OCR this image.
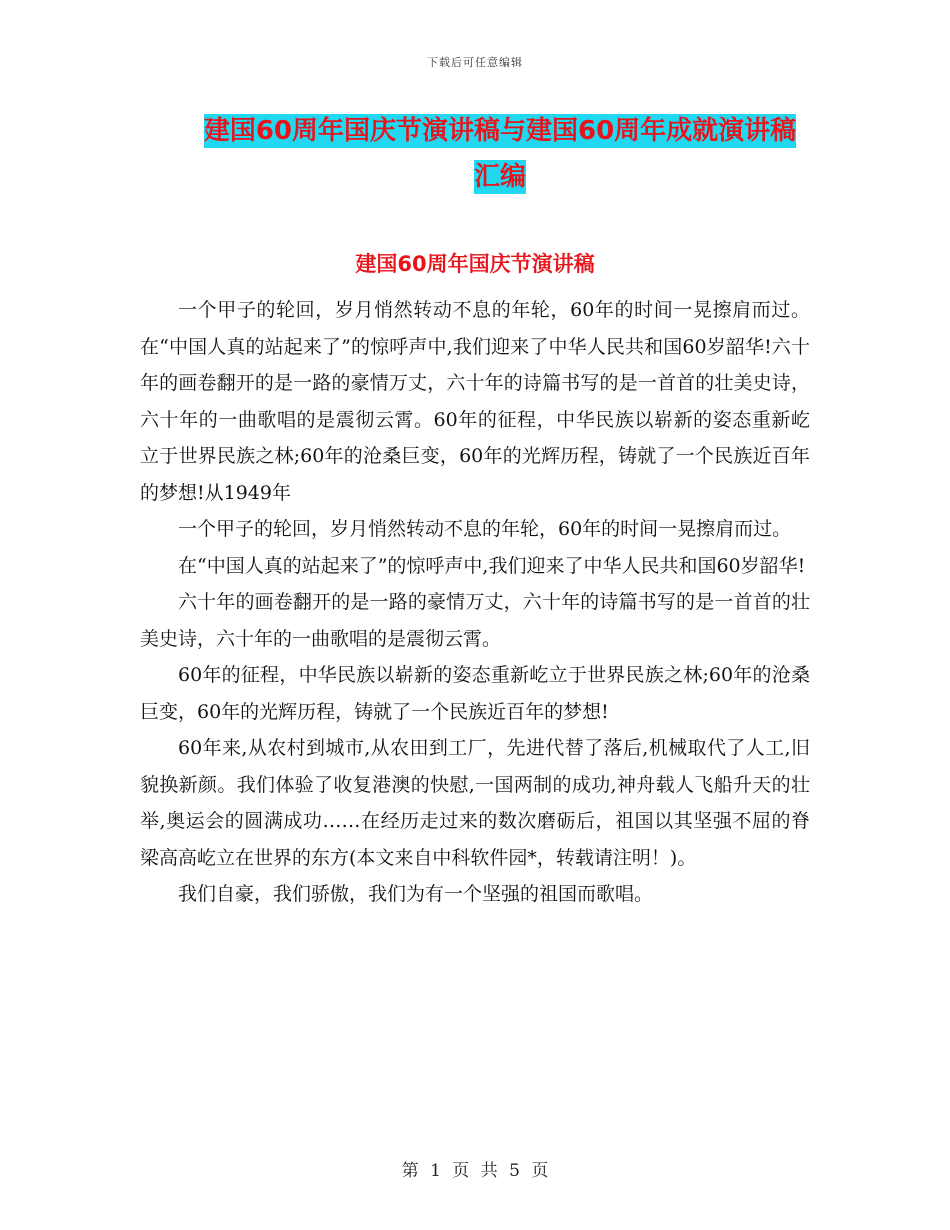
下载后可任意编辑
建国60周年国庆节演讲稿与建国60周年成就演讲稿
汇编
建国60周年国庆节演讲稿

一个甲子的轮回，岁月悄然转动不息的年轮，60年的时间一晃擦肩而过。在“中国人真的站起来了”的惊呼声中,我们迎来了中华人民共和国60岁韶华!六十年的画卷翻开的是一路的豪情万丈，六十年的诗篇书写的是一首首的壮美史诗，六十年的一曲歌唱的是震彻云霄。60年的征程，中华民族以崭新的姿态重新屹立于世界民族之林;60年的沧桑巨变，60年的光辉历程，铸就了一个民族近百年的梦想!从1949年

一个甲子的轮回，岁月悄然转动不息的年轮，60年的时间一晃擦肩而过。

在“中国人真的站起来了”的惊呼声中,我们迎来了中华人民共和国60岁韶华!

六十年的画卷翻开的是一路的豪情万丈，六十年的诗篇书写的是一首首的壮美史诗，六十年的一曲歌唱的是震彻云霄。

60年的征程，中华民族以崭新的姿态重新屹立于世界民族之林;60年的沧桑巨变，60年的光辉历程，铸就了一个民族近百年的梦想!

60年来,从农村到城市,从农田到工厂，先进代替了落后,机械取代了人工,旧貌换新颜。我们体验了收复港澳的快慰,一国两制的成功,神舟载人飞船升天的壮举,奥运会的圆满成功……在经历走过来的数次磨砺后，祖国以其坚强不屈的脊梁高高屹立在世界的东方(本文来自中科软件园*，转载请注明！)。

我们自豪，我们骄傲，我们为有一个坚强的祖国而歌唱。

第 1 页 共 5 页
